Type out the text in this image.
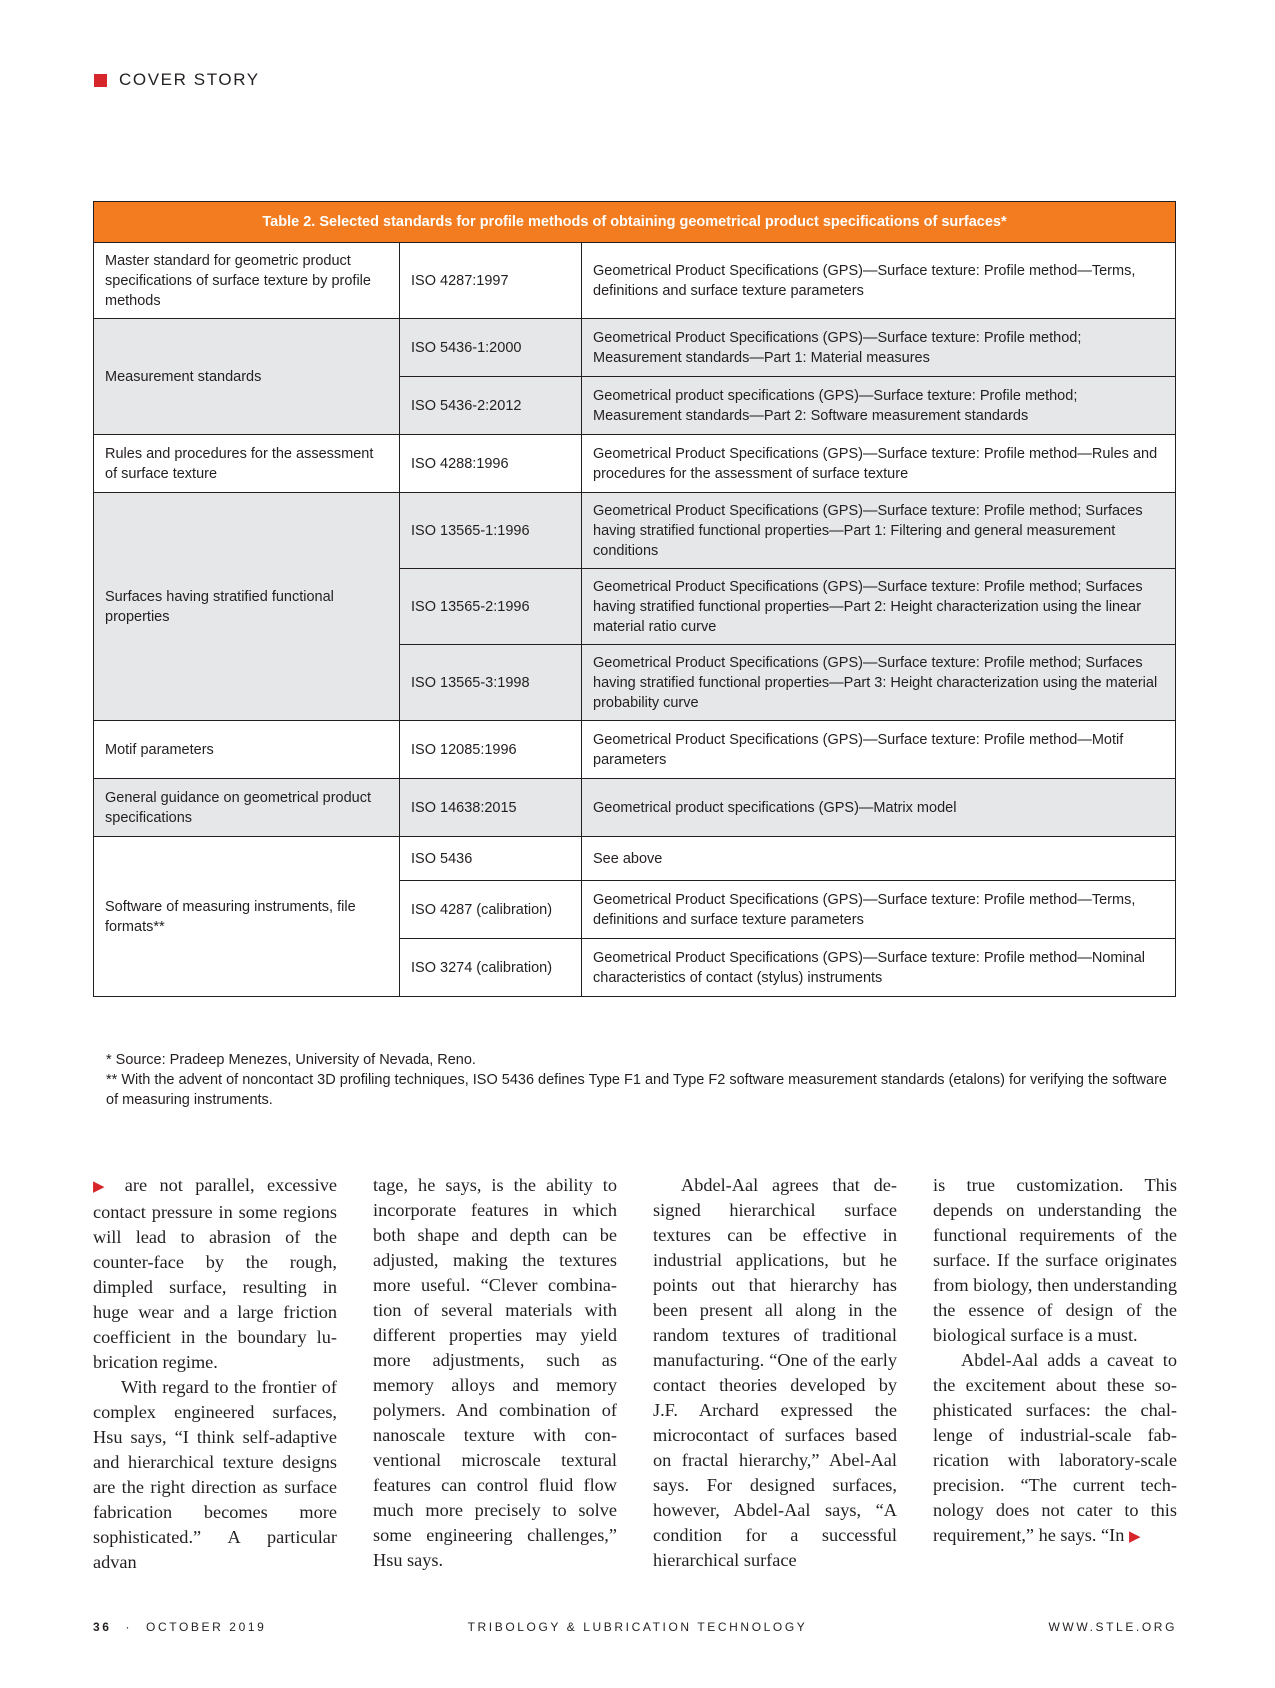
COVER STORY
Table 2. Selected standards for profile methods of obtaining geometrical product specifications of surfaces*		
Master standard for geometric product specifications of surface texture by profile methods	ISO 4287:1997	Geometrical Product Specifications (GPS)—Surface texture: Profile method—Terms, definitions and surface texture parameters
Measurement standards	ISO 5436-1:2000	Geometrical Product Specifications (GPS)—Surface texture: Profile method; Measurement standards—Part 1: Material measures
	ISO 5436-2:2012	Geometrical product specifications (GPS)—Surface texture: Profile method; Measurement standards—Part 2: Software measurement standards
Rules and procedures for the assessment of surface texture	ISO 4288:1996	Geometrical Product Specifications (GPS)—Surface texture: Profile method—Rules and procedures for the assessment of surface texture
Surfaces having stratified functional properties	ISO 13565-1:1996	Geometrical Product Specifications (GPS)—Surface texture: Profile method; Surfaces having stratified functional properties—Part 1: Filtering and general measurement conditions
	ISO 13565-2:1996	Geometrical Product Specifications (GPS)—Surface texture: Profile method; Surfaces having stratified functional properties—Part 2: Height characterization using the linear material ratio curve
	ISO 13565-3:1998	Geometrical Product Specifications (GPS)—Surface texture: Profile method; Surfaces having stratified functional properties—Part 3: Height characterization using the material probability curve
Motif parameters	ISO 12085:1996	Geometrical Product Specifications (GPS)—Surface texture: Profile method—Motif parameters
General guidance on geometrical product specifications	ISO 14638:2015	Geometrical product specifications (GPS)—Matrix model
Software of measuring instruments, file formats**	ISO 5436	See above
	ISO 4287 (calibration)	Geometrical Product Specifications (GPS)—Surface texture: Profile method—Terms, definitions and surface texture parameters
	ISO 3274 (calibration)	Geometrical Product Specifications (GPS)—Surface texture: Profile method—Nominal characteristics of contact (stylus) instruments

* Source: Pradeep Menezes, University of Nevada, Reno.

** With the advent of noncontact 3D profiling techniques, ISO 5436 defines Type F1 and Type F2 software measurement standards (etalons) for verifying the software of measuring instruments.

▶ are not parallel, excessive contact pressure in some regions will lead to abrasion of the counter-face by the rough, dimpled surface, resulting in huge wear and a large friction coefficient in the boundary lubrication regime.

With regard to the frontier of complex engineered surfaces, Hsu says, “I think self-adaptive and hierarchical texture designs are the right direction as surface fabrication becomes more sophisticated.” A particular advan

tage, he says, is the ability to incorporate features in which both shape and depth can be adjusted, making the textures more useful. “Clever combination of several materials with different properties may yield more adjustments, such as memory alloys and memory polymers. And combination of nanoscale texture with conventional microscale textural features can control fluid flow much more precisely to solve some engineering challenges,” Hsu says.

Abdel-Aal agrees that designed hierarchical surface textures can be effective in industrial applications, but he points out that hierarchy has been present all along in the random textures of traditional manufacturing. “One of the early contact theories developed by J.F. Archard expressed the microcontact of surfaces based on fractal hierarchy,” Abel-Aal says. For designed surfaces, however, Abdel-Aal says, “A condition for a successful hierarchical surface

is true customization. This depends on understanding the functional requirements of the surface. If the surface originates from biology, then understanding the essence of design of the biological surface is a must.

Abdel-Aal adds a caveat to the excitement about these sophisticated surfaces: the challenge of industrial-scale fabrication with laboratory-scale precision. “The current technology does not cater to this requirement,” he says. “In ▶

36 · OCTOBER 2019	TRIBOLOGY & LUBRICATION TECHNOLOGY	WWW.STLE.ORG
